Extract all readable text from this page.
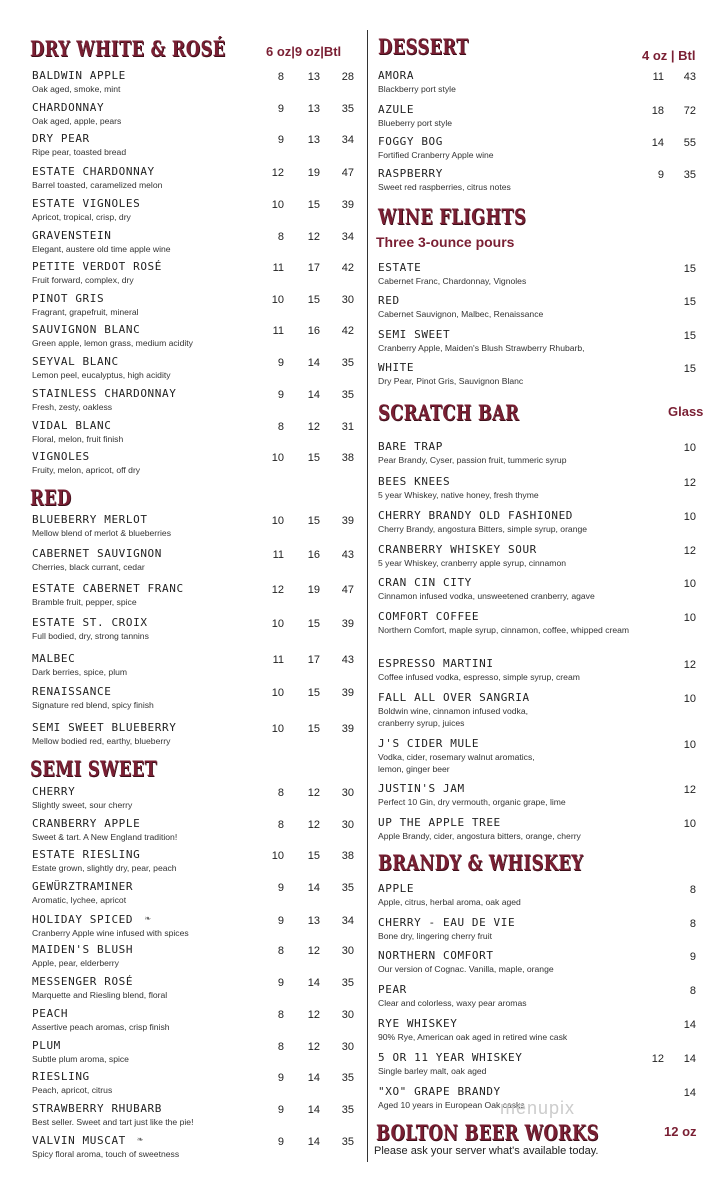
DRY WHITE & ROSÉ	6 oz|9 oz|Btl
BALDWIN APPLE
Oak aged, smoke, mint
8	13	28
CHARDONNAY
Oak aged, apple, pears
9	13	35
DRY PEAR
Ripe pear, toasted bread
9	13	34
ESTATE CHARDONNAY
Barrel toasted, caramelized melon
12	19	47
ESTATE VIGNOLES
Apricot, tropical, crisp, dry
10	15	39
GRAVENSTEIN
Elegant, austere old time apple wine
8	12	34
PETITE VERDOT ROSÉ
Fruit forward, complex, dry
11	17	42
PINOT GRIS
Fragrant, grapefruit, mineral
10	15	30
SAUVIGNON BLANC
Green apple, lemon grass, medium acidity
11	16	42
SEYVAL BLANC
Lemon peel, eucalyptus, high acidity
9	14	35
STAINLESS CHARDONNAY
Fresh, zesty, oakless
9	14	35
VIDAL BLANC
Floral, melon, fruit finish
8	12	31
VIGNOLES
Fruity, melon, apricot, off dry
10	15	38
RED
BLUEBERRY MERLOT
Mellow blend of merlot & blueberries
10	15	39
CABERNET SAUVIGNON
Cherries, black currant, cedar
11	16	43
ESTATE CABERNET FRANC
Bramble fruit, pepper, spice
12	19	47
ESTATE ST. CROIX
Full bodied, dry, strong tannins
10	15	39
MALBEC
Dark berries, spice, plum
11	17	43
RENAISSANCE
Signature red blend, spicy finish
10	15	39
SEMI SWEET BLUEBERRY
Mellow bodied red, earthy, blueberry
10	15	39
SEMI SWEET
CHERRY
Slightly sweet, sour cherry
8	12	30
CRANBERRY APPLE
Sweet & tart. A New England tradition!
8	12	30
ESTATE RIESLING
Estate grown, slightly dry, pear, peach
10	15	38
GEWÜRZTRAMINER
Aromatic, lychee, apricot
9	14	35
HOLIDAY SPICED ❧
Cranberry Apple wine infused with spices
9	13	34
MAIDEN'S BLUSH
Apple, pear, elderberry
8	12	30
MESSENGER ROSÉ
Marquette and Riesling blend, floral
9	14	35
PEACH
Assertive peach aromas, crisp finish
8	12	30
PLUM
Subtle plum aroma, spice
8	12	30
RIESLING
Peach, apricot, citrus
9	14	35
STRAWBERRY RHUBARB
Best seller. Sweet and tart just like the pie!
9	14	35
VALVIN MUSCAT ❧
Spicy floral aroma, touch of sweetness
9	14	35
DESSERT	4 oz | Btl
AMORA
Blackberry port style
11	43
AZULE
Blueberry port style
18	72
FOGGY BOG
Fortified Cranberry Apple wine
14	55
RASPBERRY
Sweet red raspberries, citrus notes
9	35
WINE FLIGHTS
Three 3-ounce pours
ESTATE
Cabernet Franc, Chardonnay, Vignoles
15
RED
Cabernet Sauvignon, Malbec, Renaissance
15
SEMI SWEET
Cranberry Apple, Maiden's Blush Strawberry Rhubarb,
15
WHITE
Dry Pear, Pinot Gris, Sauvignon Blanc
15
SCRATCH BAR	Glass
BARE TRAP
Pear Brandy, Cyser, passion fruit, tummeric syrup
10
BEES KNEES
5 year Whiskey, native honey, fresh thyme
12
CHERRY BRANDY OLD FASHIONED
Cherry Brandy, angostura Bitters, simple syrup, orange
10
CRANBERRY WHISKEY SOUR
5 year Whiskey, cranberry apple syrup, cinnamon
12
CRAN CIN CITY
Cinnamon infused vodka, unsweetened cranberry, agave
10
COMFORT COFFEE
Northern Comfort, maple syrup, cinnamon, coffee, whipped cream
10
ESPRESSO MARTINI
Coffee infused vodka, espresso, simple syrup, cream
12
FALL ALL OVER SANGRIA
Boldwin wine, cinnamon infused vodka,
cranberry syrup, juices
10
J'S CIDER MULE
Vodka, cider, rosemary walnut aromatics,
lemon, ginger beer
10
JUSTIN'S JAM
Perfect 10 Gin, dry vermouth, organic grape, lime
12
UP THE APPLE TREE
Apple Brandy, cider, angostura bitters, orange, cherry
10
BRANDY & WHISKEY
APPLE
Apple, citrus, herbal aroma, oak aged
8
CHERRY - EAU DE VIE
Bone dry, lingering cherry fruit
8
NORTHERN COMFORT
Our version of Cognac. Vanilla, maple, orange
9
PEAR
Clear and colorless, waxy pear aromas
8
RYE WHISKEY
90% Rye, American oak aged in retired wine cask
14
5 OR 11 YEAR WHISKEY
Single barley malt, oak aged
12	14
"XO" GRAPE BRANDY
Aged 10 years in European Oak casks
14
BOLTON BEER WORKS	12 oz
Please ask your server what's available today.
menupix
